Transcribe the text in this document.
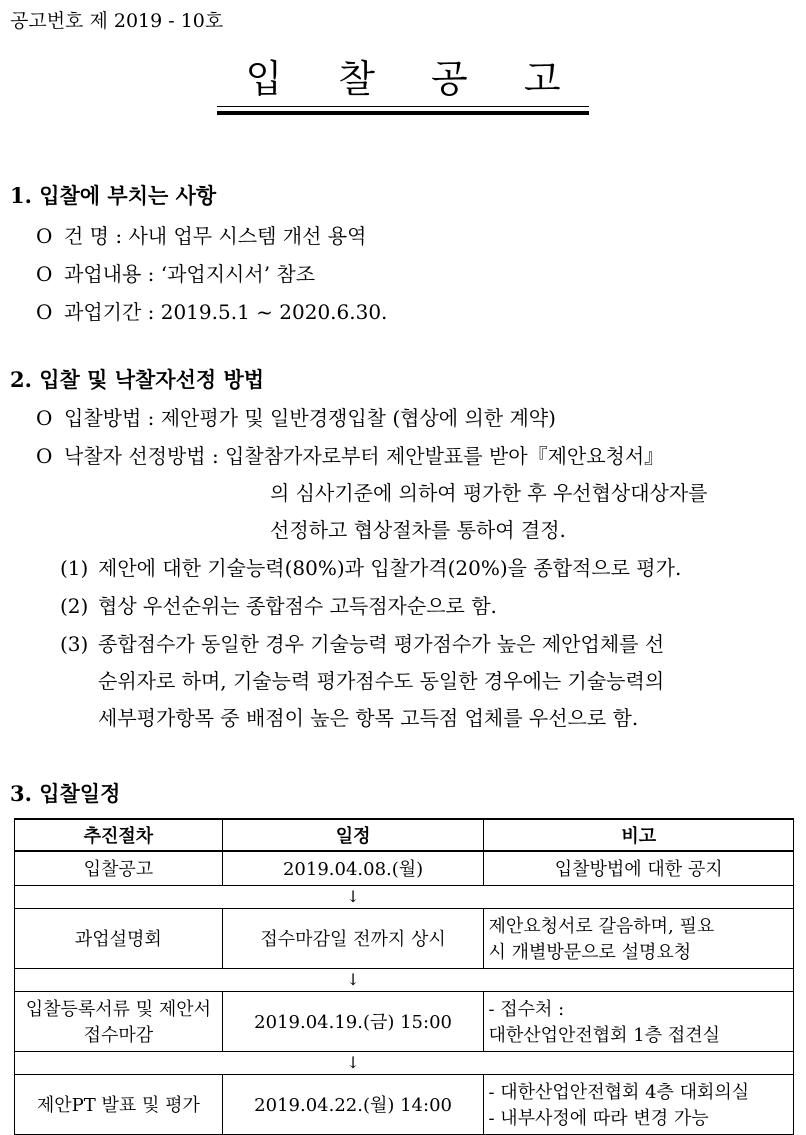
공고번호 제 2019 - 10호
입 찰 공 고
1. 입찰에 부치는 사항
O 건 명 : 사내 업무 시스템 개선 용역
O 과업내용 : ‘과업지시서’ 참조
O 과업기간 : 2019.5.1 ~ 2020.6.30.
2. 입찰 및 낙찰자선정 방법
O 입찰방법 : 제안평가 및 일반경쟁입찰 (협상에 의한 계약)
O 낙찰자 선정방법 : 입찰참가자로부터 제안발표를 받아『제안요청서』
의 심사기준에 의하여 평가한 후 우선협상대상자를
선정하고 협상절차를 통하여 결정.
(1) 제안에 대한 기술능력(80%)과 입찰가격(20%)을 종합적으로 평가.
(2) 협상 우선순위는 종합점수 고득점자순으로 함.
(3) 종합점수가 동일한 경우 기술능력 평가점수가 높은 제안업체를 선
순위자로 하며, 기술능력 평가점수도 동일한 경우에는 기술능력의
세부평가항목 중 배점이 높은 항목 고득점 업체를 우선으로 함.
3. 입찰일정
추진절차	일정	비고
입찰공고	2019.04.08.(월)	입찰방법에 대한 공지
	↓	
과업설명회	접수마감일 전까지 상시	제안요청서로 갈음하며, 필요
시 개별방문으로 설명요청

	↓	
입찰등록서류 및 제안서 접수마감	2019.04.19.(금) 15:00	- 접수처 :
대한산업안전협회 1층 접견실

	↓	
제안PT 발표 및 평가	2019.04.22.(월) 14:00	- 대한산업안전협회 4층 대회의실
- 내부사정에 따라 변경 가능
